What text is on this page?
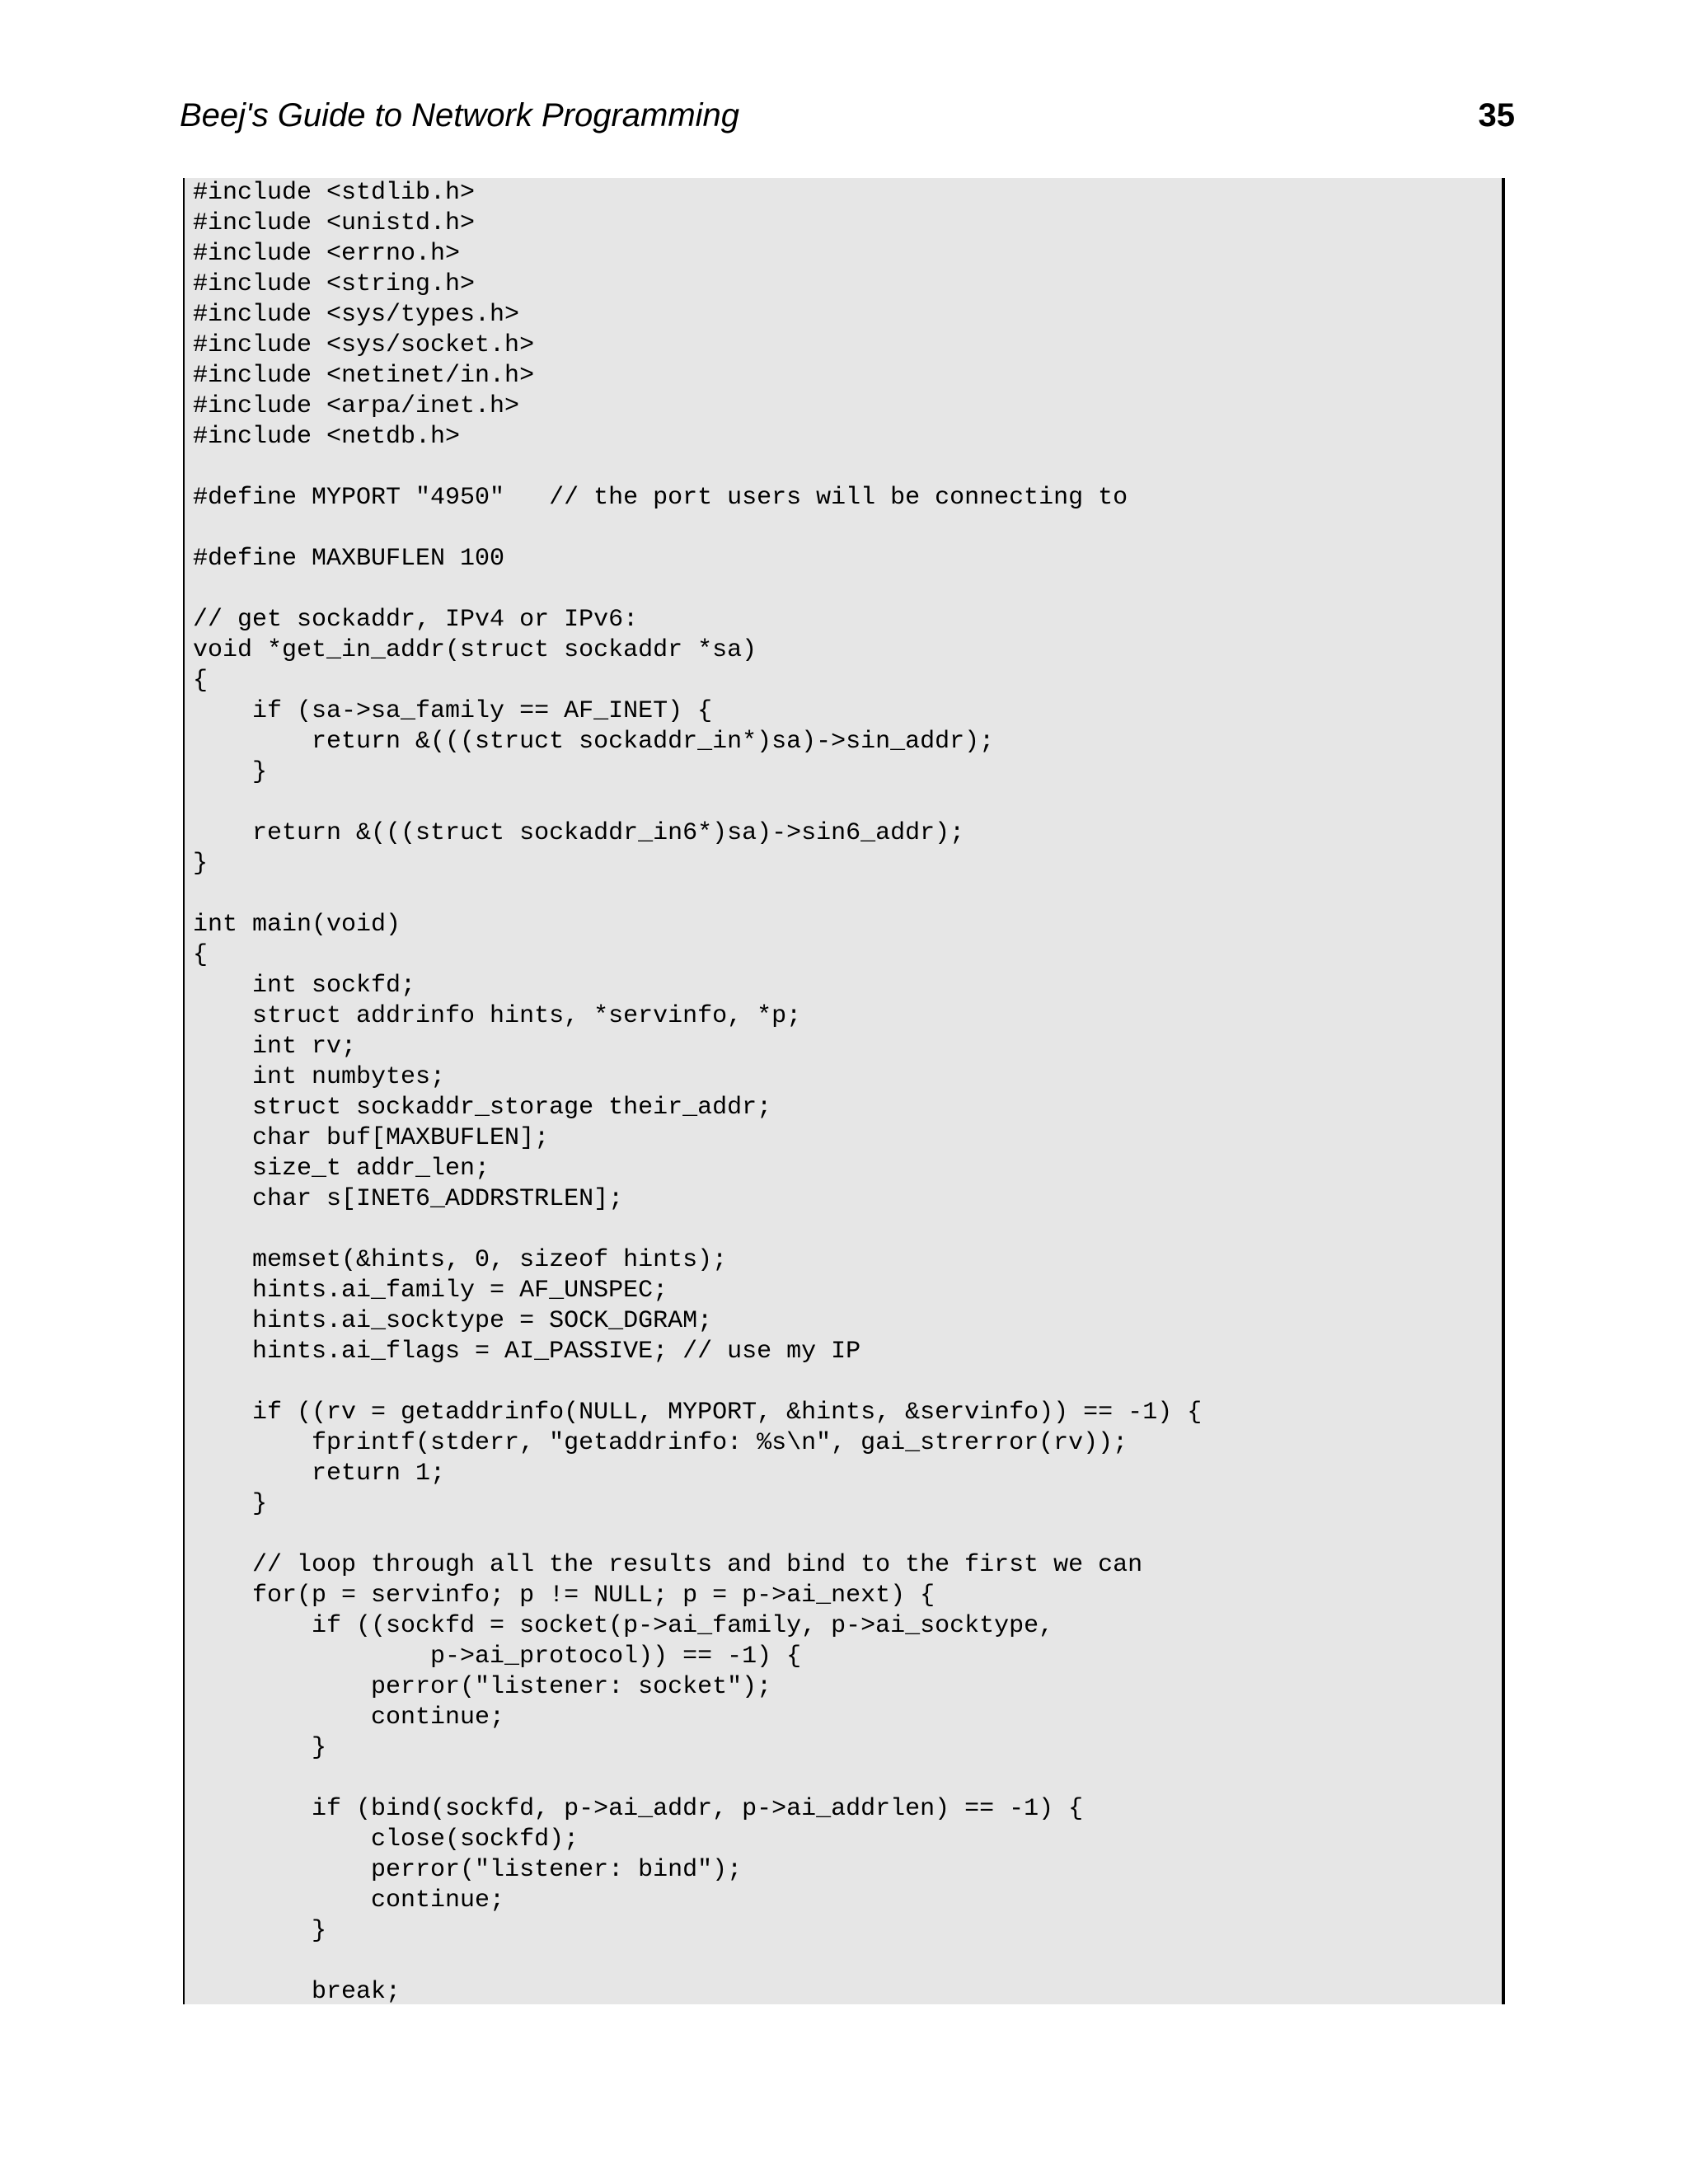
Beej's Guide to Network Programming	35
#include <stdlib.h>
#include <unistd.h>
#include <errno.h>
#include <string.h>
#include <sys/types.h>
#include <sys/socket.h>
#include <netinet/in.h>
#include <arpa/inet.h>
#include <netdb.h>

#define MYPORT "4950"   // the port users will be connecting to

#define MAXBUFLEN 100

// get sockaddr, IPv4 or IPv6:
void *get_in_addr(struct sockaddr *sa)
{
if (sa->sa_family == AF_INET) {
return &(((struct sockaddr_in*)sa)->sin_addr);
}

return &(((struct sockaddr_in6*)sa)->sin6_addr);
}

int main(void)
{
int sockfd;
struct addrinfo hints, *servinfo, *p;
int rv;
int numbytes;
struct sockaddr_storage their_addr;
char buf[MAXBUFLEN];
size_t addr_len;
char s[INET6_ADDRSTRLEN];

memset(&hints, 0, sizeof hints);
hints.ai_family = AF_UNSPEC;
hints.ai_socktype = SOCK_DGRAM;
hints.ai_flags = AI_PASSIVE; // use my IP

if ((rv = getaddrinfo(NULL, MYPORT, &hints, &servinfo)) == -1) {
fprintf(stderr, "getaddrinfo: %s\n", gai_strerror(rv));
return 1;
}

// loop through all the results and bind to the first we can
for(p = servinfo; p != NULL; p = p->ai_next) {
if ((sockfd = socket(p->ai_family, p->ai_socktype,
p->ai_protocol)) == -1) {
perror("listener: socket");
continue;
}

if (bind(sockfd, p->ai_addr, p->ai_addrlen) == -1) {
close(sockfd);
perror("listener: bind");
continue;
}

break;
